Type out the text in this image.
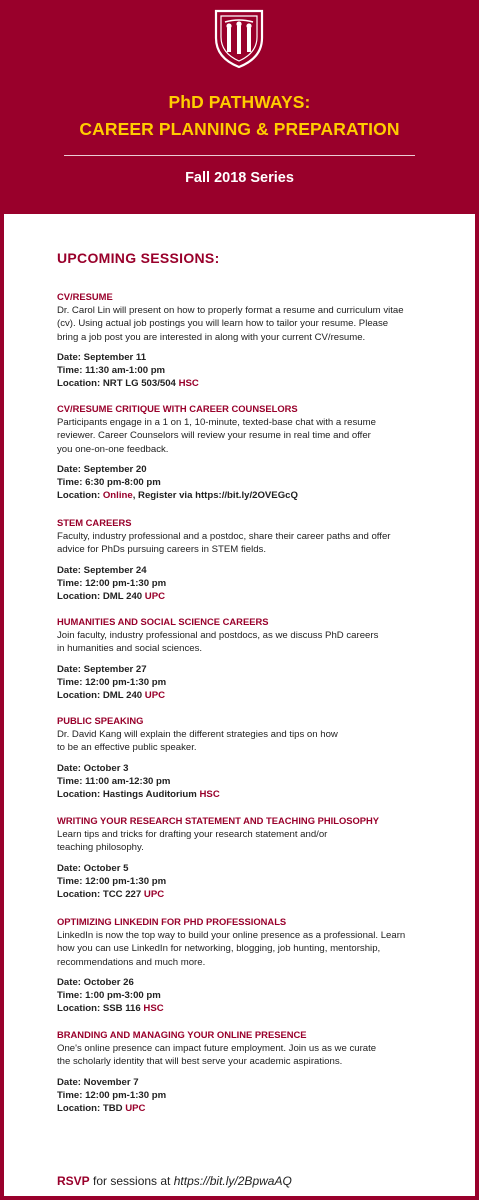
PhD PATHWAYS:
CAREER PLANNING & PREPARATION
Fall 2018 Series
UPCOMING SESSIONS:
CV/RESUME
Dr. Carol Lin will present on how to properly format a resume and curriculum vitae
(cv). Using actual job postings you will learn how to tailor your resume. Please
bring a job post you are interested in along with your current CV/resume.
Date: September 11
Time: 11:30 am-1:00 pm
Location: NRT LG 503/504 HSC
CV/RESUME CRITIQUE WITH CAREER COUNSELORS
Participants engage in a 1 on 1, 10-minute, texted-base chat with a resume
reviewer. Career Counselors will review your resume in real time and offer
you one-on-one feedback.
Date: September 20
Time: 6:30 pm-8:00 pm
Location: Online, Register via https://bit.ly/2OVEGcQ
STEM CAREERS
Faculty, industry professional and a postdoc, share their career paths and offer
advice for PhDs pursuing careers in STEM fields.
Date: September 24
Time: 12:00 pm-1:30 pm
Location: DML 240 UPC
HUMANITIES AND SOCIAL SCIENCE CAREERS
Join faculty, industry professional and postdocs, as we discuss PhD careers
in humanities and social sciences.
Date: September 27
Time: 12:00 pm-1:30 pm
Location: DML 240 UPC
PUBLIC SPEAKING
Dr. David Kang will explain the different strategies and tips on how
to be an effective public speaker.
Date: October 3
Time: 11:00 am-12:30 pm
Location: Hastings Auditorium HSC
WRITING YOUR RESEARCH STATEMENT AND TEACHING PHILOSOPHY
Learn tips and tricks for drafting your research statement and/or
teaching philosophy.
Date: October 5
Time: 12:00 pm-1:30 pm
Location: TCC 227 UPC
OPTIMIZING LINKEDIN FOR PHD PROFESSIONALS
LinkedIn is now the top way to build your online presence as a professional. Learn
how you can use LinkedIn for networking, blogging, job hunting, mentorship,
recommendations and much more.
Date: October 26
Time: 1:00 pm-3:00 pm
Location: SSB 116 HSC
BRANDING AND MANAGING YOUR ONLINE PRESENCE
One's online presence can impact future employment. Join us as we curate
the scholarly identity that will best serve your academic aspirations.
Date: November 7
Time: 12:00 pm-1:30 pm
Location: TBD UPC
RSVP for sessions at https://bit.ly/2BpwaAQ
